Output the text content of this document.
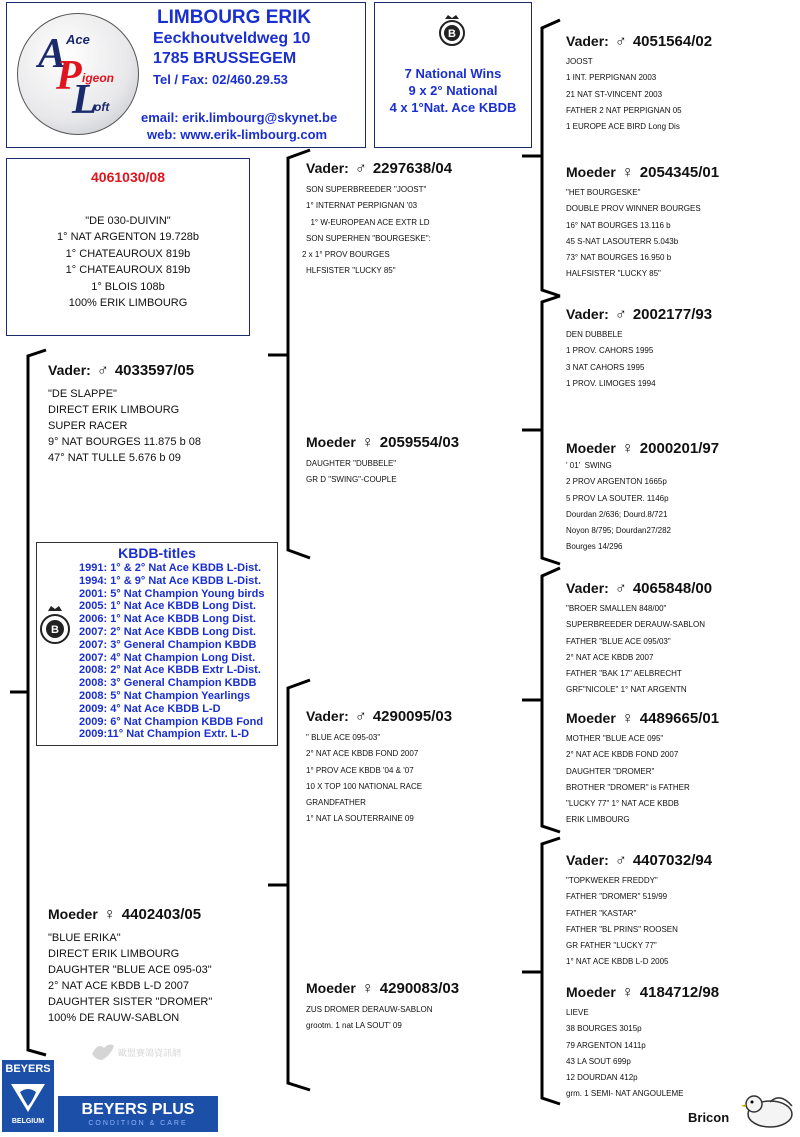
A Ace
P igeon
L
oft
LIMBOURG ERIK
Eeckhoutveldweg 10
1785 BRUSSEGEM
Tel / Fax: 02/460.29.53
email: erik.limbourg@skynet.be
web: www.erik-limbourg.com
B
7 National Wins
9 x 2° National
4 x 1°Nat. Ace KBDB
4061030/08
"DE 030-DUIVIN"
1° NAT ARGENTON 19.728b
1° CHATEAUROUX 819b
1° CHATEAUROUX 819b
1° BLOIS 108b
100% ERIK LIMBOURG
KBDB-titles
B
1991: 1° & 2° Nat Ace KBDB L-Dist.
1994: 1° & 9° Nat Ace KBDB L-Dist.
2001: 5° Nat Champion Young birds
2005: 1° Nat Ace KBDB Long Dist.
2006: 1° Nat Ace KBDB Long Dist.
2007: 2° Nat Ace KBDB Long Dist.
2007: 3° General Champion KBDB
2007: 4° Nat Champion Long Dist.
2008: 2° Nat Ace KBDB Extr L-Dist.
2008: 3° General Champion KBDB
2008: 5° Nat Champion Yearlings
2009: 4° Nat Ace KBDB L-D
2009: 6° Nat Champion KBDB Fond
2009:11° Nat Champion Extr. L-D
Vader: ♂ 4033597/05
"DE SLAPPE"
DIRECT ERIK LIMBOURG
SUPER RACER
9° NAT BOURGES 11.875 b 08
47° NAT TULLE 5.676 b 09
Moeder ♀ 4402403/05
"BLUE ERIKA"
DIRECT ERIK LIMBOURG
DAUGHTER "BLUE ACE 095-03"
2° NAT ACE KBDB L-D 2007
DAUGHTER SISTER "DROMER"
100% DE RAUW-SABLON
Vader: ♂ 2297638/04
SON SUPERBREEDER "JOOST"
1° INTERNAT PERPIGNAN '03
1° W-EUROPEAN ACE EXTR LD
SON SUPERHEN "BOURGESKE":
2 x 1° PROV BOURGES
HLFSISTER "LUCKY 85"
Moeder ♀ 2059554/03
DAUGHTER "DUBBELE"
GR D "SWING"-COUPLE
Vader: ♂ 4290095/03
" BLUE ACE 095-03"
2° NAT ACE KBDB FOND 2007
1° PROV ACE KBDB '04 & '07
10 X TOP 100 NATIONAL RACE
GRANDFATHER
1° NAT LA SOUTERRAINE 09
Moeder ♀ 4290083/03
ZUS DROMER DERAUW-SABLON
grootm. 1 nat LA SOUT' 09
Vader: ♂ 4051564/02
JOOST
1 INT. PERPIGNAN 2003
21 NAT ST-VINCENT 2003
FATHER 2 NAT PERPIGNAN 05
1 EUROPE ACE BIRD Long Dis
Moeder ♀ 2054345/01
"HET BOURGESKE"
DOUBLE PROV WINNER BOURGES
16° NAT BOURGES 13.116 b
45 S-NAT LASOUTERR 5.043b
73° NAT BOURGES 16.950 b
HALFSISTER "LUCKY 85"
Vader: ♂ 2002177/93
DEN DUBBELE
1 PROV. CAHORS 1995
3 NAT CAHORS 1995
1 PROV. LIMOGES 1994
Moeder ♀ 2000201/97
' 01'  SWING
2 PROV ARGENTON 1665p
5 PROV LA SOUTER. 1146p
Dourdan 2/636; Dourd.8/721
Noyon 8/795; Dourdan27/282
Bourges 14/296
Vader: ♂ 4065848/00
"BROER SMALLEN 848/00"
SUPERBREEDER DERAUW-SABLON
FATHER "BLUE ACE 095/03"
2° NAT ACE KBDB 2007
FATHER "BAK 17" AELBRECHT
GRF"NICOLE" 1° NAT ARGENTN
Moeder ♀ 4489665/01
MOTHER "BLUE ACE 095"
2° NAT ACE KBDB FOND 2007
DAUGHTER "DROMER"
BROTHER "DROMER" is FATHER
"LUCKY 77" 1° NAT ACE KBDB
ERIK LIMBOURG
Vader: ♂ 4407032/94
"TOPKWEKER FREDDY"
FATHER "DROMER" 519/99
FATHER "KASTAR"
FATHER "BL PRINS" ROOSEN
GR FATHER "LUCKY 77"
1° NAT ACE KBDB L-D 2005
Moeder ♀ 4184712/98
LIEVE
38 BOURGES 3015p
79 ARGENTON 1411p
43 LA SOUT 699p
12 DOURDAN 412p
grm. 1 SEMI- NAT ANGOULEME
BEYERS
BELGIUM
BEYERS PLUS
CONDITION & CARE
歐盟賽鴿資訊網
Bricon
